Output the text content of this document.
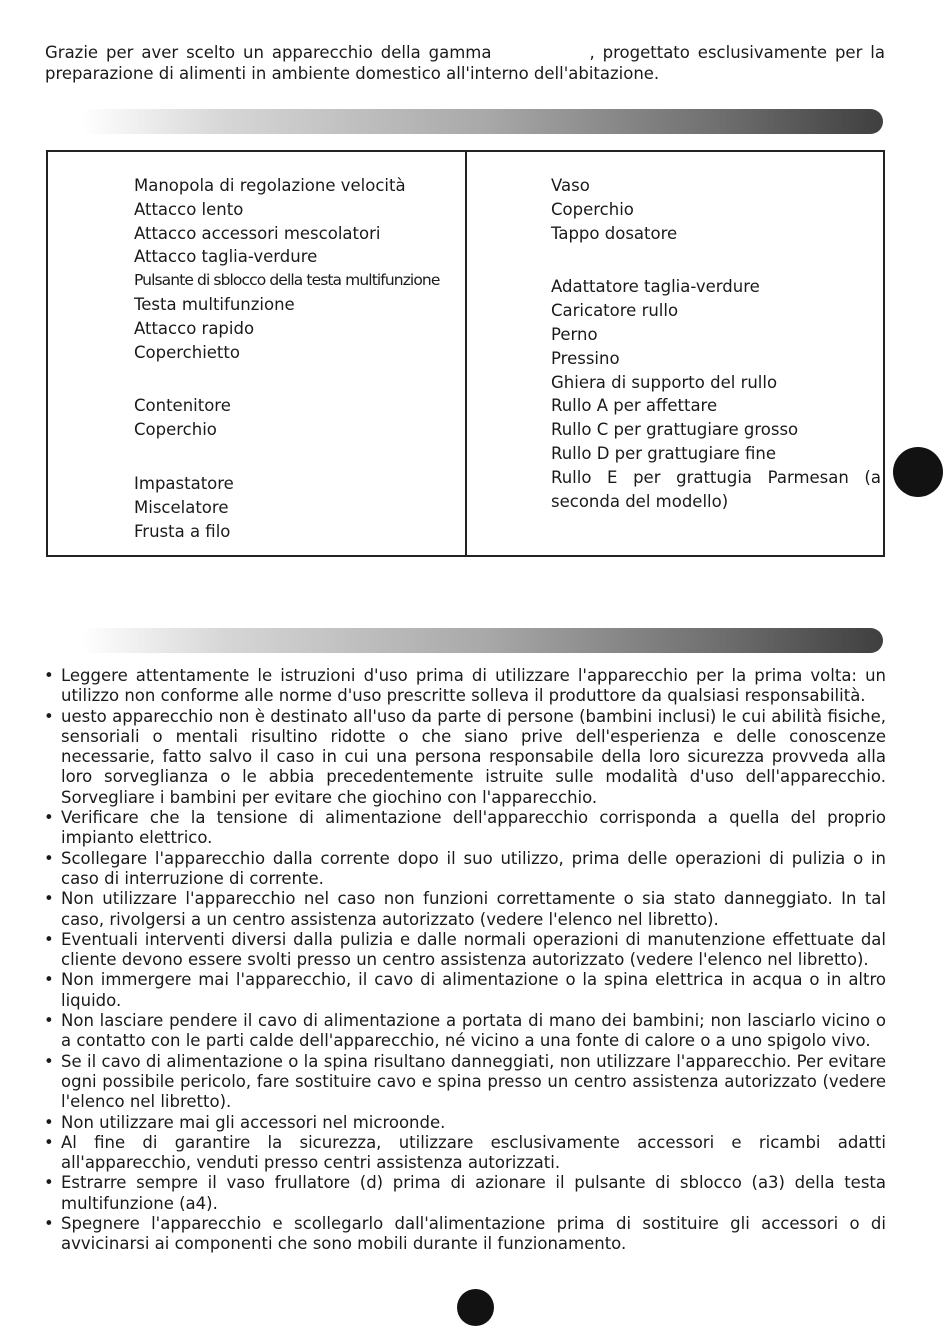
Grazie per aver scelto un apparecchio della gamma	, progettato esclusivamente per la preparazione di alimenti in ambiente domestico all'interno dell'abitazione.

Manopola di regolazione velocità
Attacco lento
Attacco accessori mescolatori
Attacco taglia-verdure
Pulsante di sblocco della testa multifunzione
Testa multifunzione
Attacco rapido
Coperchietto
Contenitore
Coperchio
Impastatore
Miscelatore
Frusta a filo
Vaso
Coperchio
Tappo dosatore
Adattatore taglia-verdure
Caricatore rullo
Perno
Pressino
Ghiera di supporto del rullo
Rullo A per affettare
Rullo C per grattugiare grosso
Rullo D per grattugiare fine
Rullo E per grattugia Parmesan (a seconda del modello)
• Leggere attentamente le istruzioni d'uso prima di utilizzare l'apparecchio per la prima volta: un utilizzo non conforme alle norme d'uso prescritte solleva il produttore da qualsiasi responsabilità.
• uesto apparecchio non è destinato all'uso da parte di persone (bambini inclusi) le cui abilità fisiche, sensoriali o mentali risultino ridotte o che siano prive dell'esperienza e delle conoscenze necessarie, fatto salvo il caso in cui una persona responsabile della loro sicurezza provveda alla loro sorveglianza o le abbia precedentemente istruite sulle modalità d'uso dell'apparecchio. Sorvegliare i bambini per evitare che giochino con l'apparecchio.
• Verificare che la tensione di alimentazione dell'apparecchio corrisponda a quella del proprio impianto elettrico.
• Scollegare l'apparecchio dalla corrente dopo il suo utilizzo, prima delle operazioni di pulizia o in caso di interruzione di corrente.
• Non utilizzare l'apparecchio nel caso non funzioni correttamente o sia stato danneggiato. In tal caso, rivolgersi a un centro assistenza autorizzato (vedere l'elenco nel libretto).
• Eventuali interventi diversi dalla pulizia e dalle normali operazioni di manutenzione effettuate dal cliente devono essere svolti presso un centro assistenza autorizzato (vedere l'elenco nel libretto).
• Non immergere mai l'apparecchio, il cavo di alimentazione o la spina elettrica in acqua o in altro liquido.
• Non lasciare pendere il cavo di alimentazione a portata di mano dei bambini; non lasciarlo vicino o a contatto con le parti calde dell'apparecchio, né vicino a una fonte di calore o a uno spigolo vivo.
• Se il cavo di alimentazione o la spina risultano danneggiati, non utilizzare l'apparecchio. Per evitare ogni possibile pericolo, fare sostituire cavo e spina presso un centro assistenza autorizzato (vedere l'elenco nel libretto).
• Non utilizzare mai gli accessori nel microonde.
• Al fine di garantire la sicurezza, utilizzare esclusivamente accessori e ricambi adatti all'apparecchio, venduti presso centri assistenza autorizzati.
• Estrarre sempre il vaso frullatore (d) prima di azionare il pulsante di sblocco (a3) della testa multifunzione (a4).
• Spegnere l'apparecchio e scollegarlo dall'alimentazione prima di sostituire gli accessori o di avvicinarsi ai componenti che sono mobili durante il funzionamento.
